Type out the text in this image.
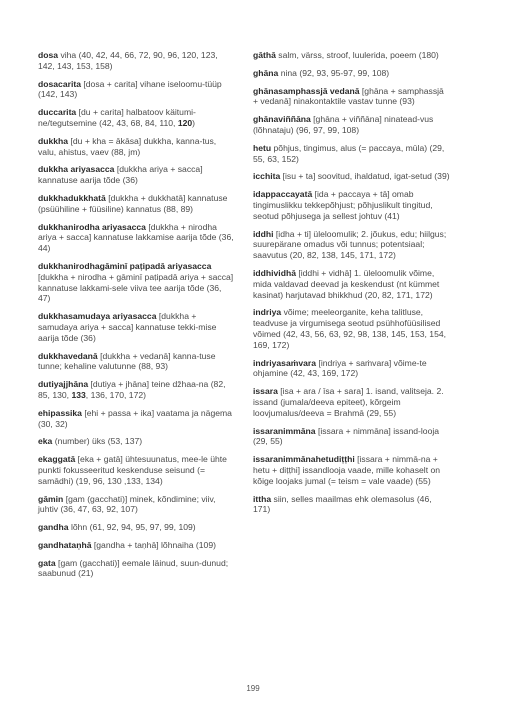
dosa viha (40, 42, 44, 66, 72, 90, 96, 120, 123, 142, 143, 153, 158)

dosacarita [dosa + carita] vihane iseloomu-tüüp (142, 143)

duccarita [du + carita] halbatoov käitumi-ne/tegutsemine (42, 43, 68, 84, 110, 120)

dukkha [du + kha = ākāsa] dukkha, kanna-tus, valu, ahistus, vaev (88, jm)

dukkha ariyasacca [dukkha ariya + sacca] kannatuse aarija tõde (36)

dukkhadukkhatā [dukkha + dukkhatā] kannatuse (psüühiline + füüsiline) kannatus (88, 89)

dukkhanirodha ariyasacca [dukkha + nirodha ariya + sacca] kannatuse lakkamise aarija tõde (36, 44)

dukkhanirodhagāminī paṭipadā ariyasacca [dukkha + nirodha + gāminī paṭipadā ariya + sacca] kannatuse lakkami-sele viiva tee aarija tõde (36, 47)

dukkhasamudaya ariyasacca [dukkha + samudaya ariya + sacca] kannatuse tekki-mise aarija tõde (36)

dukkhavedanā [dukkha + vedanā] kanna-tuse tunne; kehaline valutunne (88, 93)

dutiyajjhāna [dutiya + jhāna] teine džhaa-na (82, 85, 130, 133, 136, 170, 172)

ehipassika [ehi + passa + ika] vaatama ja nägema (30, 32)

eka (number) üks (53, 137)

ekaggatā [eka + gatā] ühtesuunatus, mee-le ühte punkti fokusseeritud keskenduse seisund (= samādhi) (19, 96, 130 ,133, 134)

gāmin [gam (gacchati)] minek, kõndimine; viiv, juhtiv (36, 47, 63, 92, 107)

gandha lõhn (61, 92, 94, 95, 97, 99, 109)

gandhataṇhā [gandha + taṇhā] lõhnaiha (109)

gata [gam (gacchati)] eemale läinud, suun-dunud; saabunud (21)

gāthā salm, värss, stroof, luulerida, poeem (180)

ghāna nina (92, 93, 95-97, 99, 108)

ghānasamphassjā vedanā [ghāna + samphassjā + vedanā] ninakontaktile vastav tunne (93)

ghānaviññāna [ghāna + viññāna] ninatead-vus (lõhnataju) (96, 97, 99, 108)

hetu põhjus, tingimus, alus (= paccaya, mūla) (29, 55, 63, 152)

icchita [isu + ta] soovitud, ihaldatud, igat-setud (39)

idappaccayatā [ida + paccaya + tā] omab tingimuslikku tekkepõhjust; põhjuslikult tingitud, seotud põhjusega ja sellest johtuv (41)

iddhi [idha + ti] üleloomulik; 2. jõukus, edu; hiilgus; suurepärane omadus või tunnus; potentsiaal; saavutus (20, 82, 138, 145, 171, 172)

iddhividhā [iddhi + vidhā] 1. üleloomulik võime, mida valdavad deevad ja keskendust (nt kümmet kasinat) harjutavad bhikkhud (20, 82, 171, 172)

indriya võime; meeleorganite, keha talitluse, teadvuse ja virgumisega seotud psühhofüüsilised võimed (42, 43, 56, 63, 92, 98, 138, 145, 153, 154, 169, 172)

indriyasaṁvara [indriya + saṁvara] võime-te ohjamine (42, 43, 169, 172)

issara [isa + ara / īsa + sara] 1. isand, valitseja. 2. issand (jumala/deeva epiteet), kõrgeim loovjumalus/deeva = Brahmā (29, 55)

issaranimmāna [issara + nimmāna] issand-looja (29, 55)

issaranimmānahetudiṭṭhi [issara + nimmā-na + hetu + diṭṭhi] issandlooja vaade, mille kohaselt on kõige loojaks jumal (= teism = vale vaade) (55)

ittha siin, selles maailmas ehk olemasolus (46, 171)

199
